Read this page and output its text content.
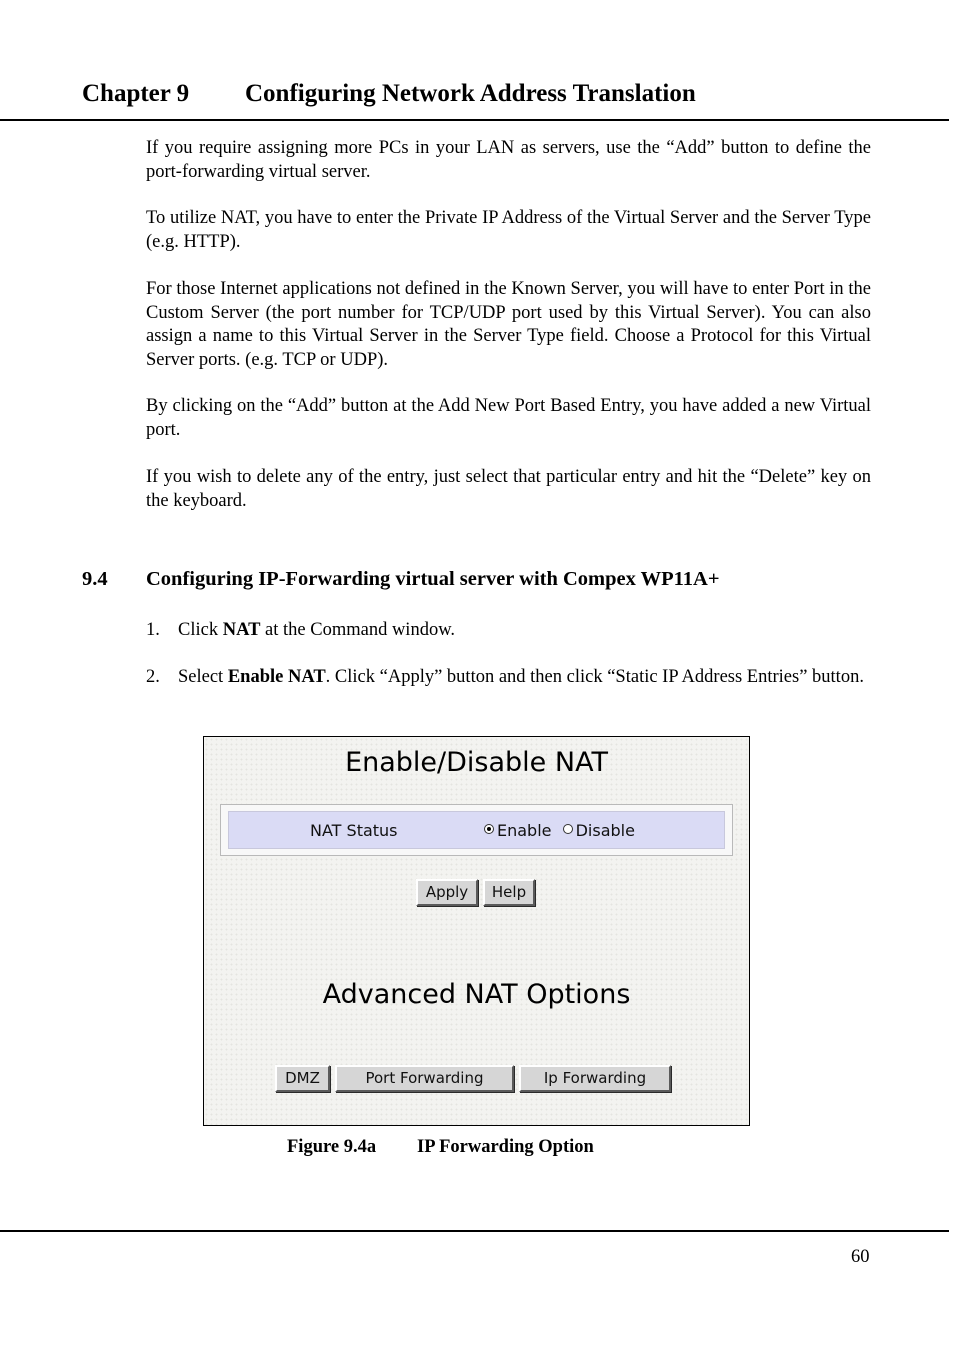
Chapter 9 Configuring Network Address Translation
If you require assigning more PCs in your LAN as servers, use the “Add” button to define the port-forwarding virtual server.
To utilize NAT, you have to enter the Private IP Address of the Virtual Server and the Server Type (e.g. HTTP).
For those Internet applications not defined in the Known Server, you will have to enter Port in the Custom Server (the port number for TCP/UDP port used by this Virtual Server). You can also assign a name to this Virtual Server in the Server Type field. Choose a Protocol for this Virtual Server ports. (e.g. TCP or UDP).
By clicking on the “Add” button at the Add New Port Based Entry, you have added a new Virtual port.
If you wish to delete any of the entry, just select that particular entry and hit the “Delete” key on the keyboard.
9.4 Configuring IP-Forwarding virtual server with Compex WP11A+
1. Click NAT at the Command window.
2. Select Enable NAT. Click “Apply” button and then click “Static IP Address Entries” button.
Enable/Disable NAT
NAT Status	Enable Disable
Apply	Help
Advanced NAT Options
DMZ	Port Forwarding	Ip Forwarding
Figure 9.4a IP Forwarding Option
60
